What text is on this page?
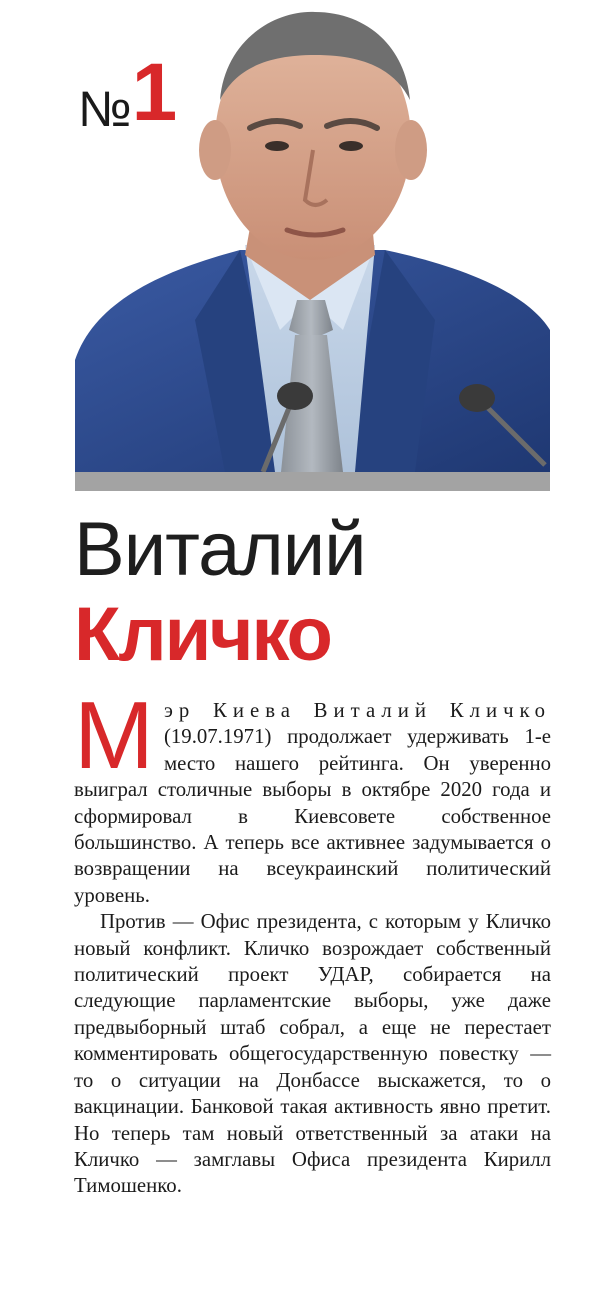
№1
Виталий
Кличко

М эр Киева Виталий Кличко (19.07.1971) продолжает удерживать 1-е место нашего рейтинга. Он уверенно выиграл столичные выборы в октябре 2020 года и сформировал в Киевсовете собственное большинство. А теперь все активнее задумывается о возвращении на всеукраинский политический уровень.

Против — Офис президента, с которым у Кличко новый конфликт. Кличко возрождает собственный политический проект УДАР, собирается на следующие парламентские выборы, уже даже предвыборный штаб собрал, а еще не перестает комментировать общегосударственную повестку — то о ситуации на Донбассе выскажется, то о вакцинации. Банковой такая активность явно претит. Но теперь там новый ответственный за атаки на Кличко — замглавы Офиса президента Кирилл Тимошенко.
